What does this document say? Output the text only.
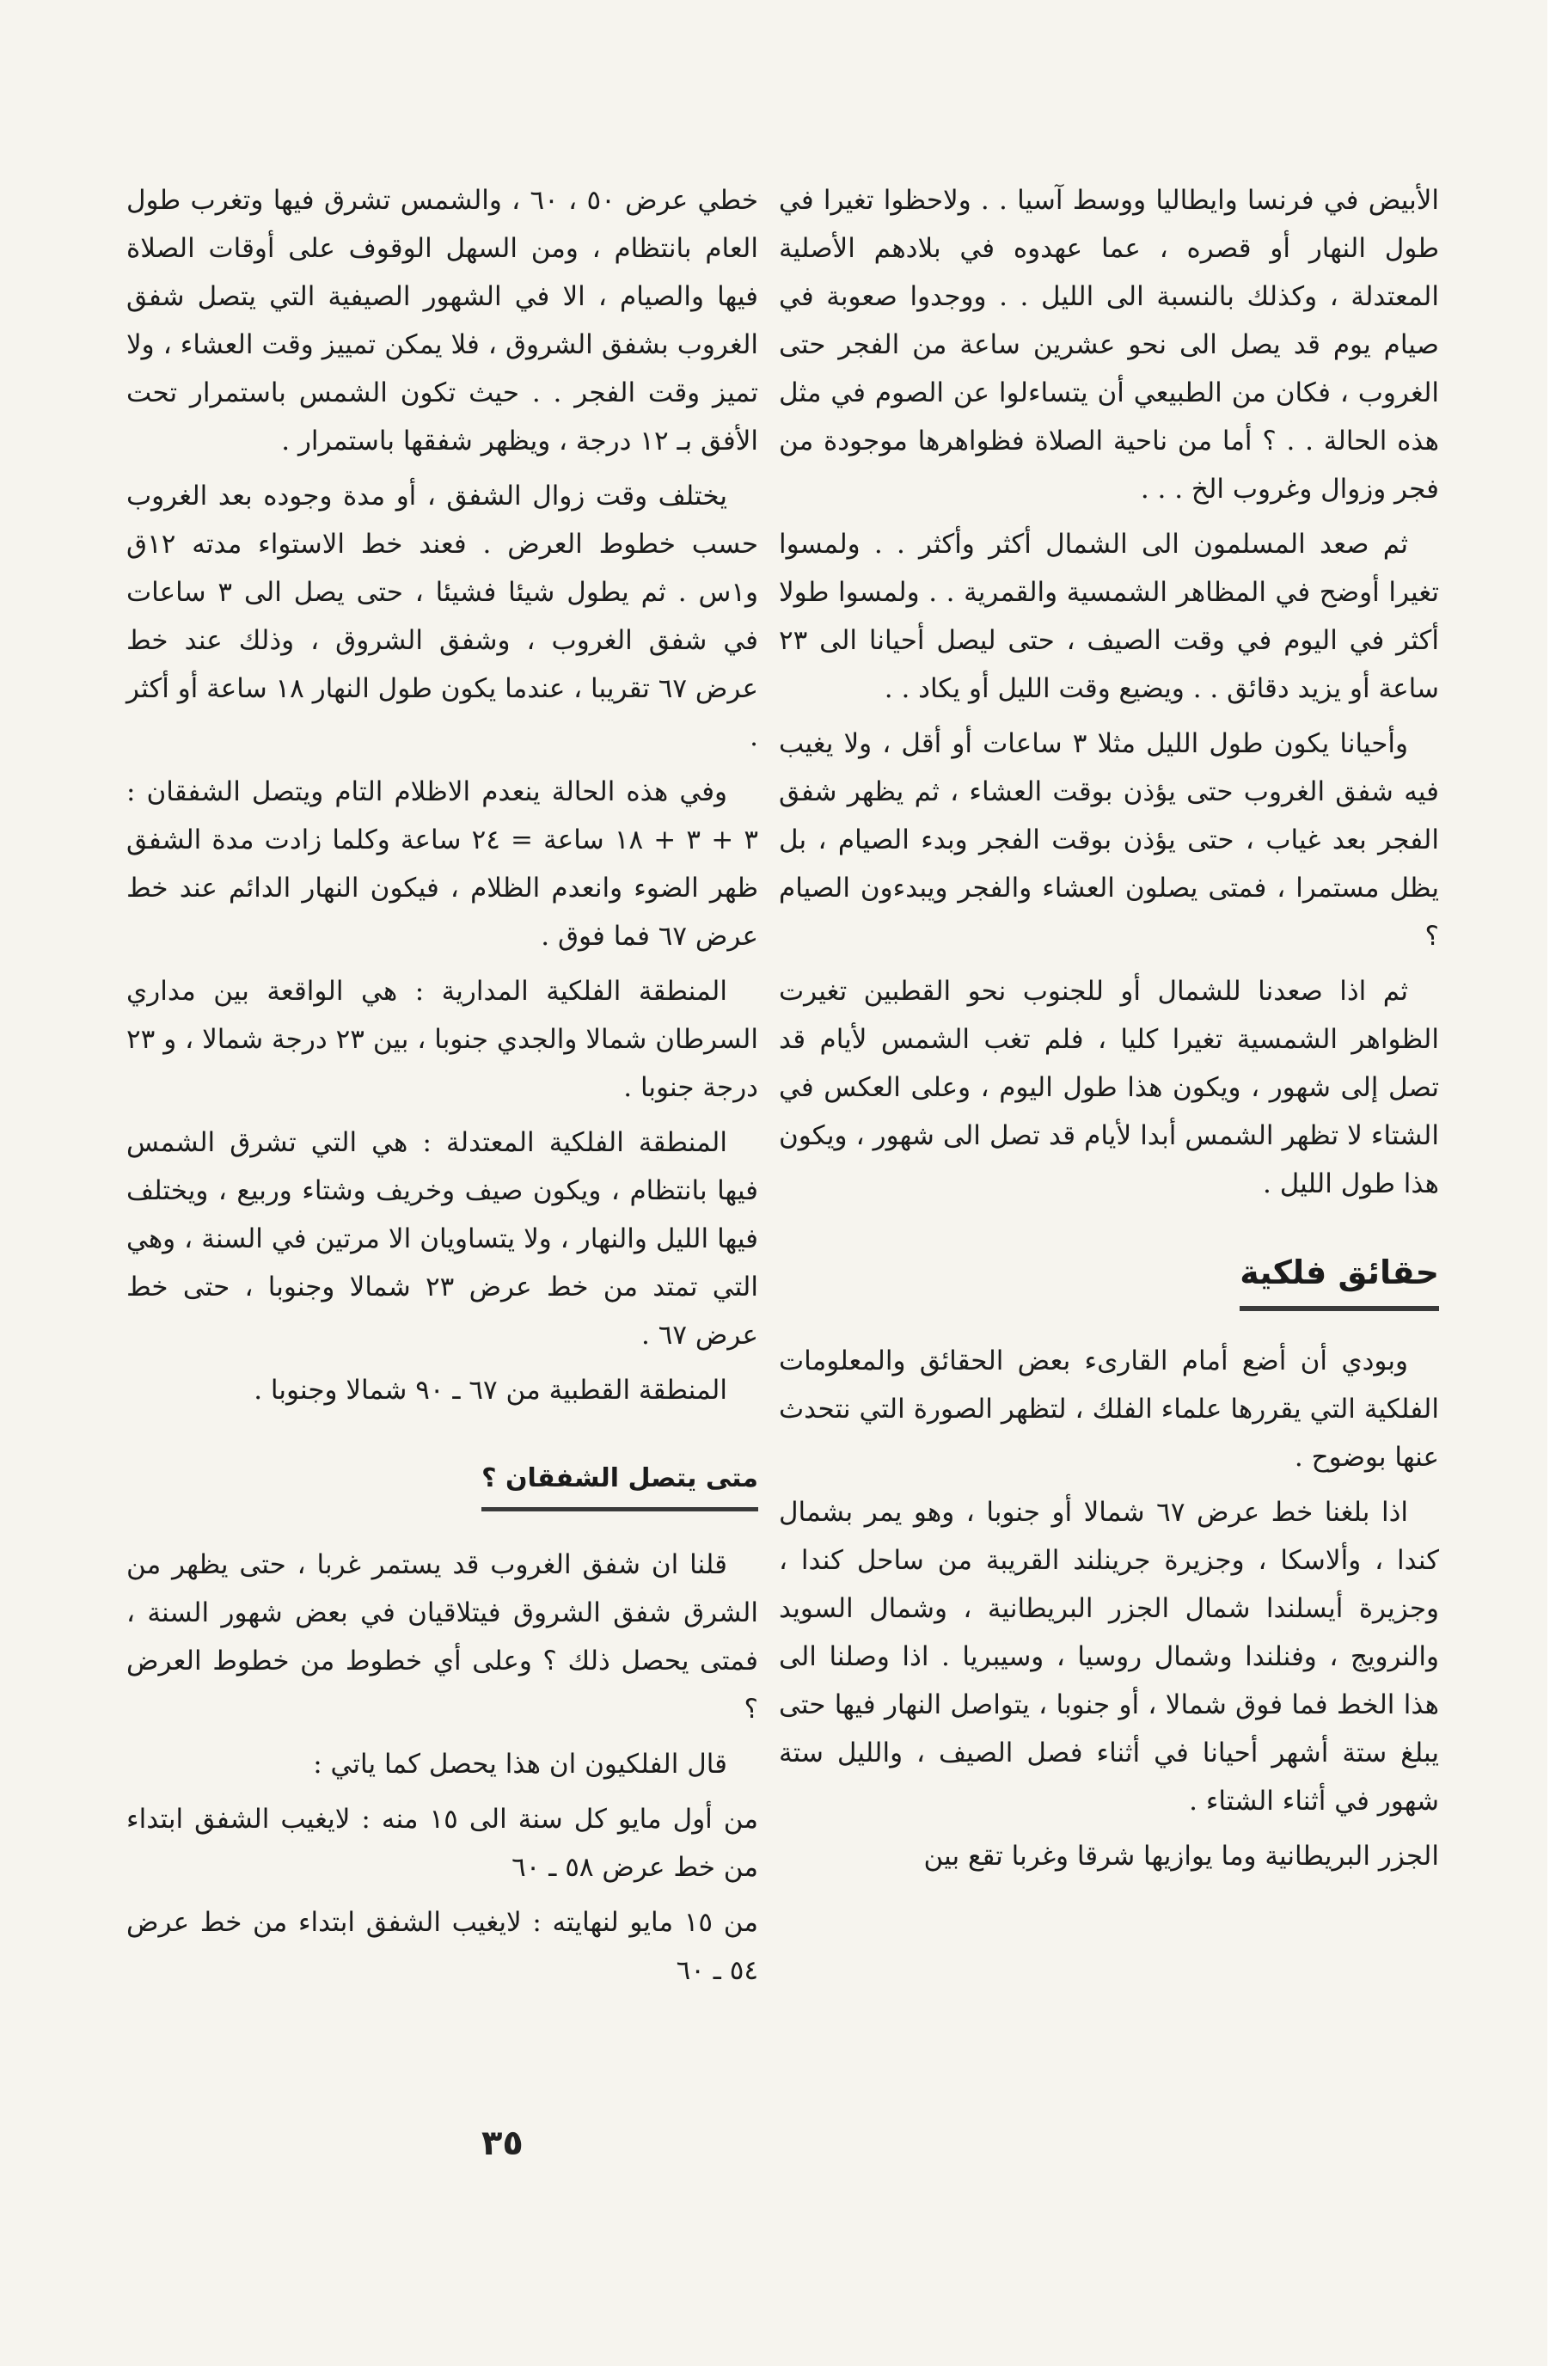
الأبيض في فرنسا وايطاليا ووسط آسيا . . ولاحظوا تغيرا في طول النهار أو قصره ، عما عهدوه في بلادهم الأصلية المعتدلة ، وكذلك بالنسبة الى الليل . . ووجدوا صعوبة في صيام يوم قد يصل الى نحو عشرين ساعة من الفجر حتى الغروب ، فكان من الطبيعي أن يتساءلوا عن الصوم في مثل هذه الحالة . . ؟ أما من ناحية الصلاة فظواهرها موجودة من فجر وزوال وغروب الخ . . .

ثم صعد المسلمون الى الشمال أكثر وأكثر . . ولمسوا تغيرا أوضح في المظاهر الشمسية والقمرية . . ولمسوا طولا أكثر في اليوم في وقت الصيف ، حتى ليصل أحيانا الى ٢٣ ساعة أو يزيد دقائق . . ويضيع وقت الليل أو يكاد . .

وأحيانا يكون طول الليل مثلا ٣ ساعات أو أقل ، ولا يغيب فيه شفق الغروب حتى يؤذن بوقت العشاء ، ثم يظهر شفق الفجر بعد غياب ، حتى يؤذن بوقت الفجر وبدء الصيام ، بل يظل مستمرا ، فمتى يصلون العشاء والفجر ويبدءون الصيام ؟

ثم اذا صعدنا للشمال أو للجنوب نحو القطبين تغيرت الظواهر الشمسية تغيرا كليا ، فلم تغب الشمس لأيام قد تصل إلى شهور ، ويكون هذا طول اليوم ، وعلى العكس في الشتاء لا تظهر الشمس أبدا لأيام قد تصل الى شهور ، ويكون هذا طول الليل .

حقائق فلكية

وبودي أن أضع أمام القارىء بعض الحقائق والمعلومات الفلكية التي يقررها علماء الفلك ، لتظهر الصورة التي نتحدث عنها بوضوح .

اذا بلغنا خط عرض ٦٧ شمالا أو جنوبا ، وهو يمر بشمال كندا ، وألاسكا ، وجزيرة جرينلند القريبة من ساحل كندا ، وجزيرة أيسلندا شمال الجزر البريطانية ، وشمال السويد والنرويج ، وفنلندا وشمال روسيا ، وسيبريا . اذا وصلنا الى هذا الخط فما فوق شمالا ، أو جنوبا ، يتواصل النهار فيها حتى يبلغ ستة أشهر أحيانا في أثناء فصل الصيف ، والليل ستة شهور في أثناء الشتاء .

الجزر البريطانية وما يوازيها شرقا وغربا تقع بين

خطي عرض ٥٠ ، ٦٠ ، والشمس تشرق فيها وتغرب طول العام بانتظام ، ومن السهل الوقوف على أوقات الصلاة فيها والصيام ، الا في الشهور الصيفية التي يتصل شفق الغروب بشفق الشروق ، فلا يمكن تمييز وقت العشاء ، ولا تميز وقت الفجر . . حيث تكون الشمس باستمرار تحت الأفق بـ ١٢ درجة ، ويظهر شفقها باستمرار .

يختلف وقت زوال الشفق ، أو مدة وجوده بعد الغروب حسب خطوط العرض . فعند خط الاستواء مدته ١٢ق و١س . ثم يطول شيئا فشيئا ، حتى يصل الى ٣ ساعات في شفق الغروب ، وشفق الشروق ، وذلك عند خط عرض ٦٧ تقريبا ، عندما يكون طول النهار ١٨ ساعة أو أكثر .

وفي هذه الحالة ينعدم الاظلام التام ويتصل الشفقان : ٣ + ٣ + ١٨ ساعة = ٢٤ ساعة وكلما زادت مدة الشفق ظهر الضوء وانعدم الظلام ، فيكون النهار الدائم عند خط عرض ٦٧ فما فوق .

المنطقة الفلكية المدارية : هي الواقعة بين مداري السرطان شمالا والجدي جنوبا ، بين ٢٣ درجة شمالا ، و ٢٣ درجة جنوبا .

المنطقة الفلكية المعتدلة : هي التي تشرق الشمس فيها بانتظام ، ويكون صيف وخريف وشتاء وربيع ، ويختلف فيها الليل والنهار ، ولا يتساويان الا مرتين في السنة ، وهي التي تمتد من خط عرض ٢٣ شمالا وجنوبا ، حتى خط عرض ٦٧ .

المنطقة القطبية من ٦٧ ـ ٩٠ شمالا وجنوبا .

متى يتصل الشفقان ؟

قلنا ان شفق الغروب قد يستمر غربا ، حتى يظهر من الشرق شفق الشروق فيتلاقيان في بعض شهور السنة ، فمتى يحصل ذلك ؟ وعلى أي خطوط من خطوط العرض ؟

قال الفلكيون ان هذا يحصل كما ياتي :

من أول مايو كل سنة الى ١٥ منه : لايغيب الشفق ابتداء من خط عرض ٥٨ ـ ٦٠

من ١٥ مايو لنهايته : لايغيب الشفق ابتداء من خط عرض ٥٤ ـ ٦٠

٣٥
